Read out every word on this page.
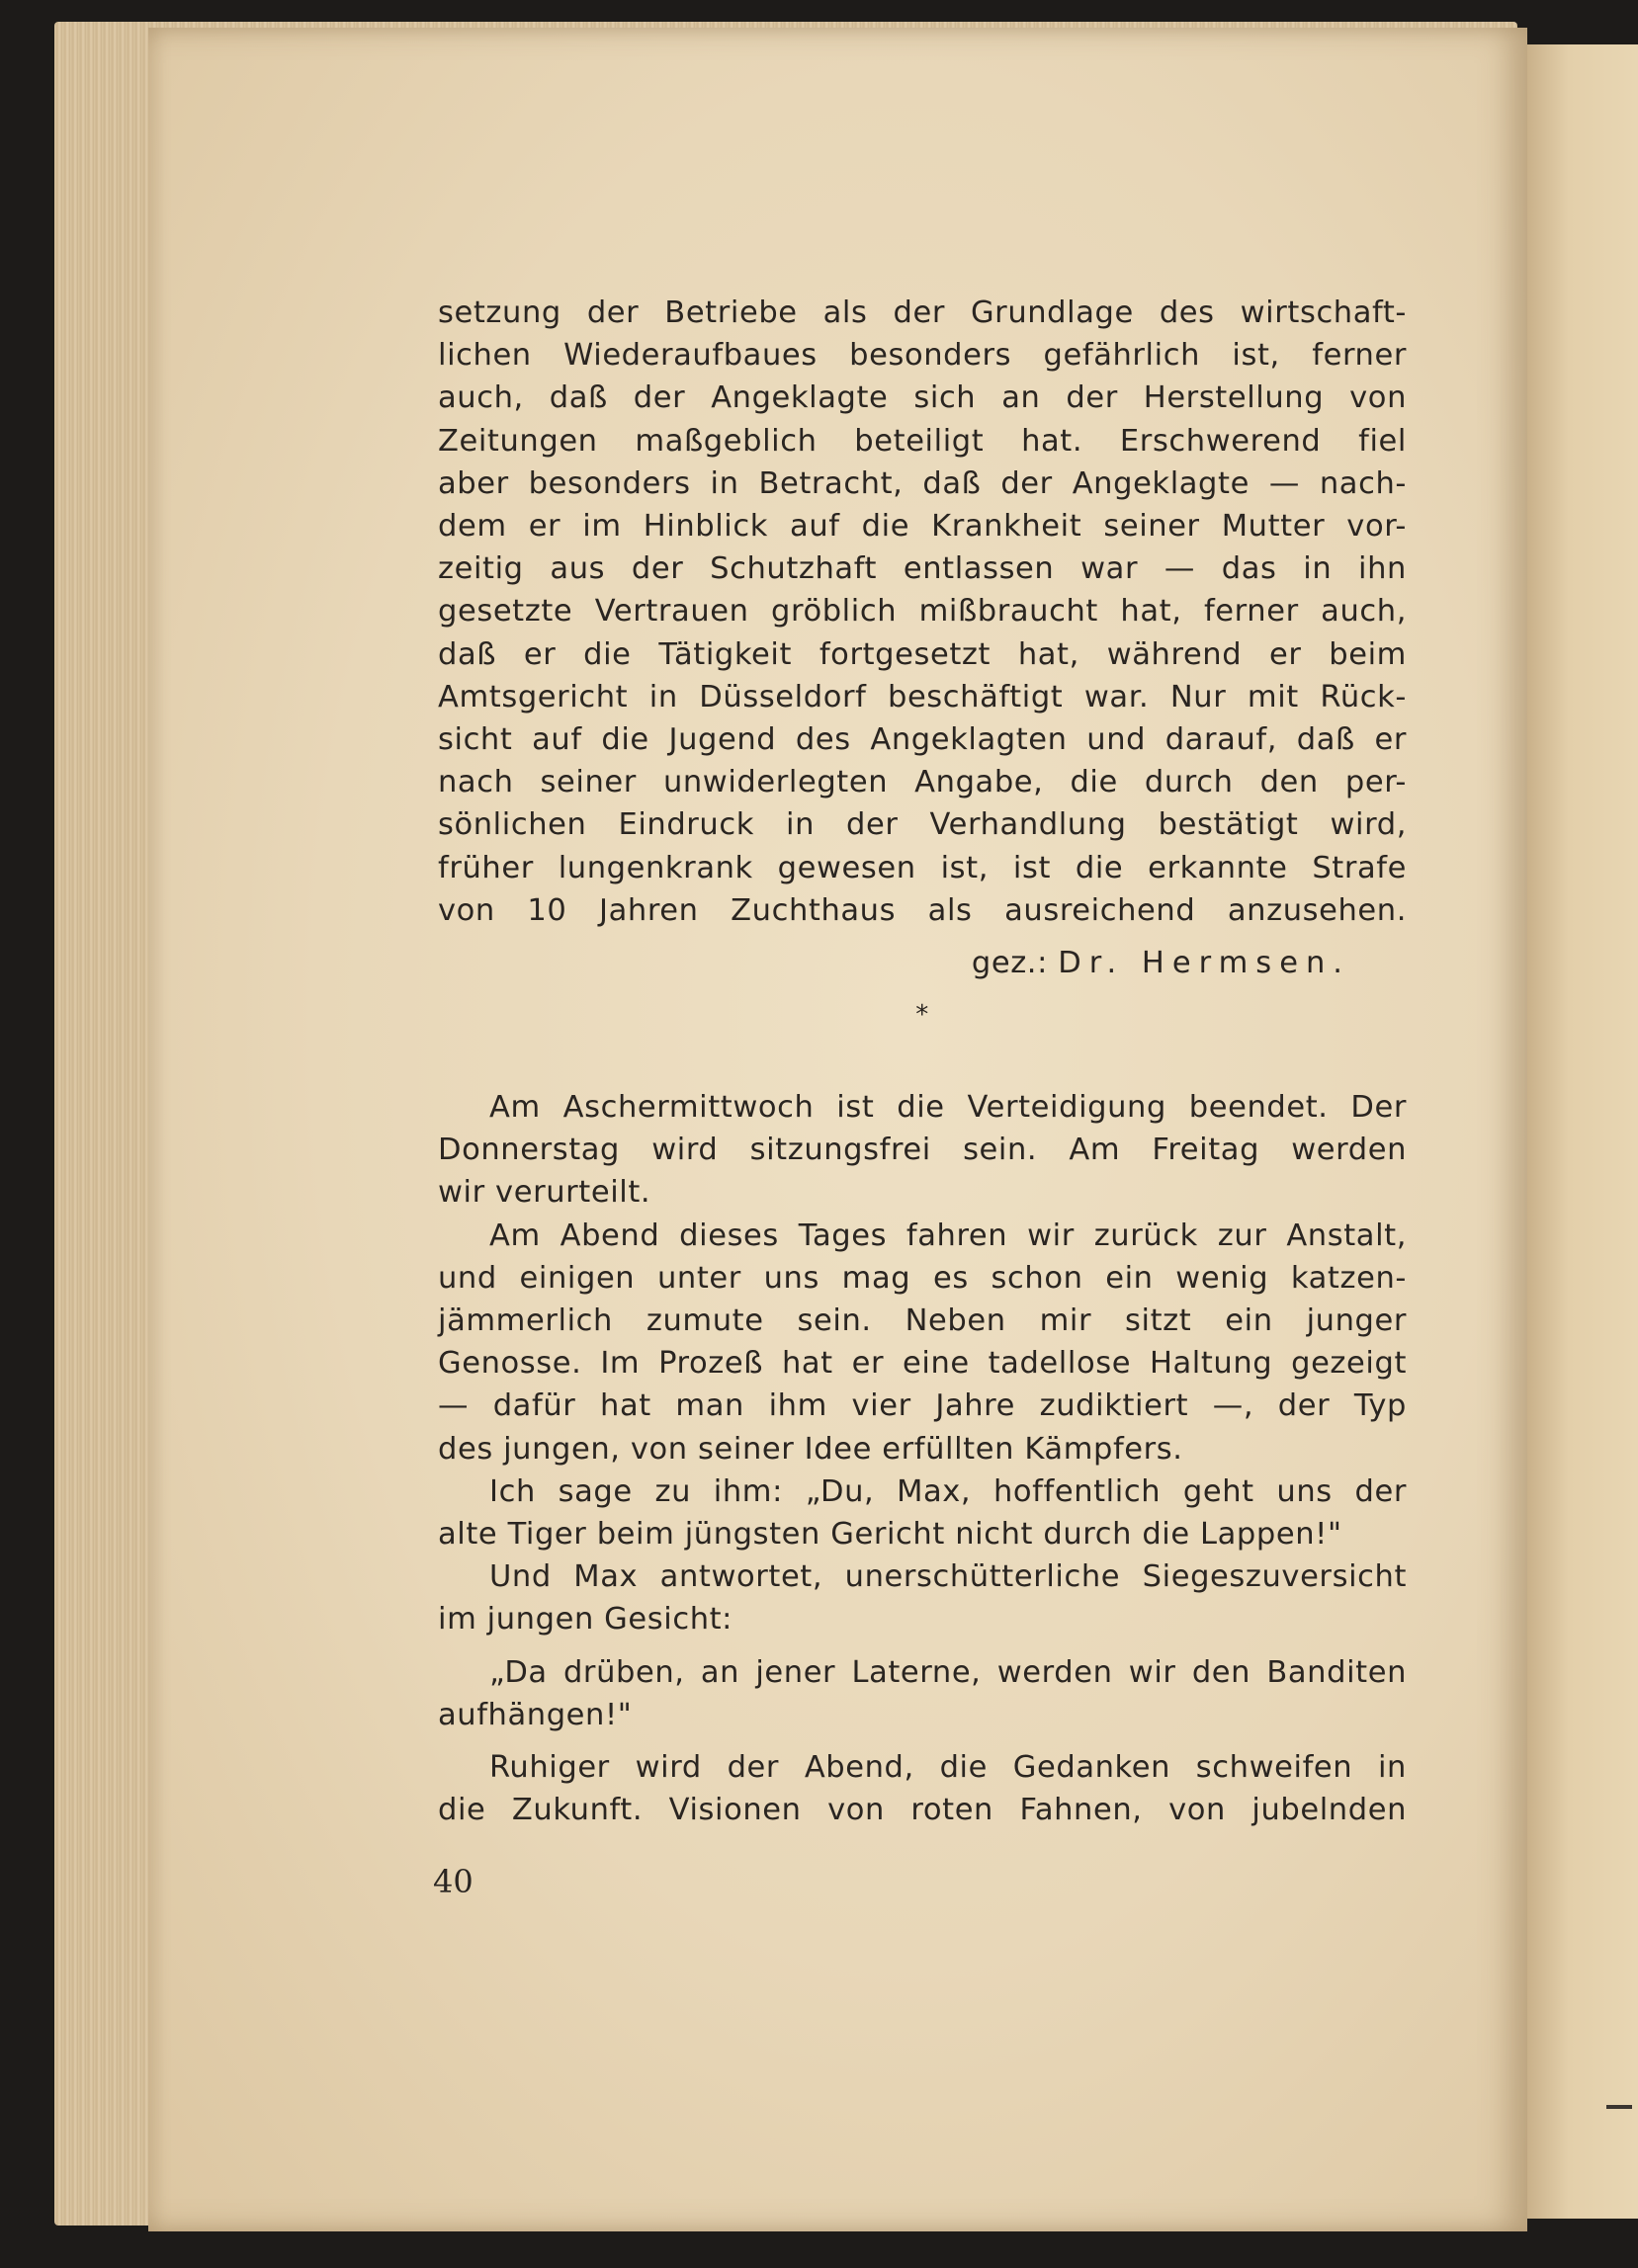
setzung der Betriebe als der Grundlage des wirtschaft-

lichen Wiederaufbaues besonders gefährlich ist, ferner

auch, daß der Angeklagte sich an der Herstellung von

Zeitungen maßgeblich beteiligt hat. Erschwerend fiel

aber besonders in Betracht, daß der Angeklagte — nach-

dem er im Hinblick auf die Krankheit seiner Mutter vor-

zeitig aus der Schutzhaft entlassen war — das in ihn

gesetzte Vertrauen gröblich mißbraucht hat, ferner auch,

daß er die Tätigkeit fortgesetzt hat, während er beim

Amtsgericht in Düsseldorf beschäftigt war. Nur mit Rück-

sicht auf die Jugend des Angeklagten und darauf, daß er

nach seiner unwiderlegten Angabe, die durch den per-

sönlichen Eindruck in der Verhandlung bestätigt wird,

früher lungenkrank gewesen ist, ist die erkannte Strafe

von 10 Jahren Zuchthaus als ausreichend anzusehen.

gez.: Dr. Hermsen.
*

Am Aschermittwoch ist die Verteidigung beendet. Der

Donnerstag wird sitzungsfrei sein. Am Freitag werden

wir verurteilt.

Am Abend dieses Tages fahren wir zurück zur Anstalt,

und einigen unter uns mag es schon ein wenig katzen-

jämmerlich zumute sein. Neben mir sitzt ein junger

Genosse. Im Prozeß hat er eine tadellose Haltung gezeigt

— dafür hat man ihm vier Jahre zudiktiert —, der Typ

des jungen, von seiner Idee erfüllten Kämpfers.

Ich sage zu ihm: „Du, Max, hoffentlich geht uns der

alte Tiger beim jüngsten Gericht nicht durch die Lappen!"

Und Max antwortet, unerschütterliche Siegeszuversicht

im jungen Gesicht:

„Da drüben, an jener Laterne, werden wir den Banditen

aufhängen!"

Ruhiger wird der Abend, die Gedanken schweifen in

die Zukunft. Visionen von roten Fahnen, von jubelnden

40
